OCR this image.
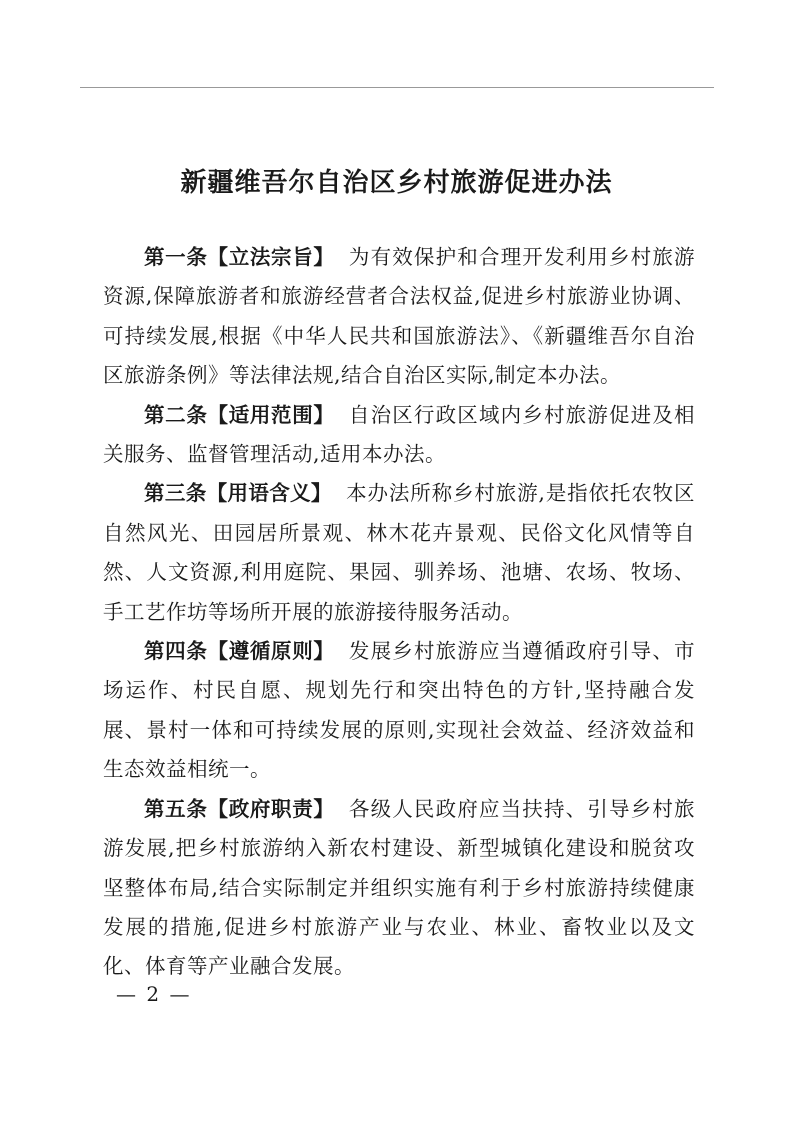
新疆维吾尔自治区乡村旅游促进办法

第一条【立法宗旨】 为有效保护和合理开发利用乡村旅游资源,保障旅游者和旅游经营者合法权益,促进乡村旅游业协调、可持续发展,根据《中华人民共和国旅游法》、《新疆维吾尔自治区旅游条例》等法律法规,结合自治区实际,制定本办法。

第二条【适用范围】 自治区行政区域内乡村旅游促进及相关服务、监督管理活动,适用本办法。

第三条【用语含义】 本办法所称乡村旅游,是指依托农牧区自然风光、田园居所景观、林木花卉景观、民俗文化风情等自然、人文资源,利用庭院、果园、驯养场、池塘、农场、牧场、手工艺作坊等场所开展的旅游接待服务活动。

第四条【遵循原则】 发展乡村旅游应当遵循政府引导、市场运作、村民自愿、规划先行和突出特色的方针,坚持融合发展、景村一体和可持续发展的原则,实现社会效益、经济效益和生态效益相统一。

第五条【政府职责】 各级人民政府应当扶持、引导乡村旅游发展,把乡村旅游纳入新农村建设、新型城镇化建设和脱贫攻坚整体布局,结合实际制定并组织实施有利于乡村旅游持续健康发展的措施,促进乡村旅游产业与农业、林业、畜牧业以及文化、体育等产业融合发展。

— 2 —
